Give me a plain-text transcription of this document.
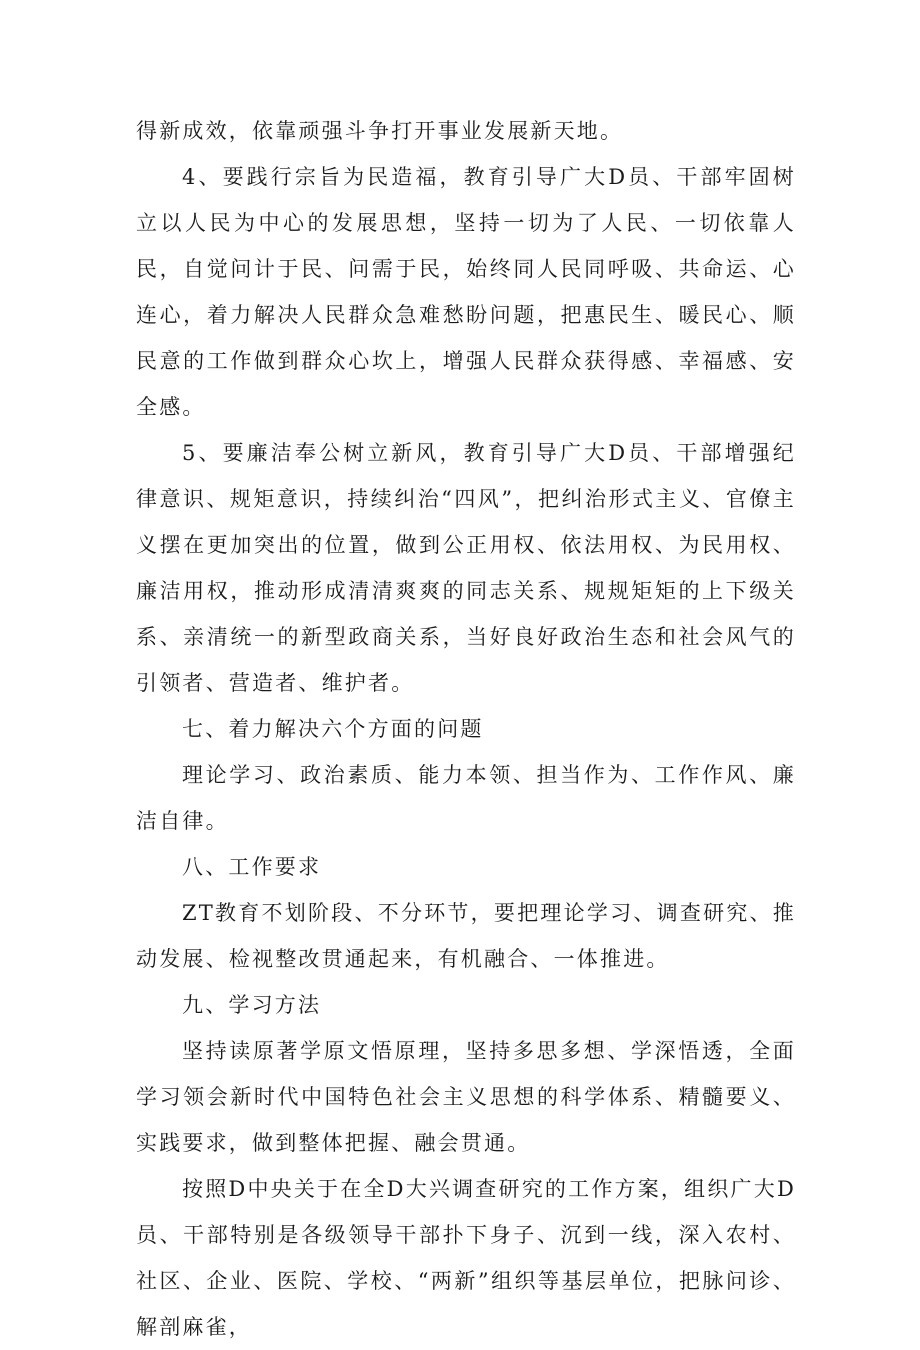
得新成效，依靠顽强斗争打开事业发展新天地。

4、要践行宗旨为民造福，教育引导广大D员、干部牢固树立以人民为中心的发展思想，坚持一切为了人民、一切依靠人民，自觉问计于民、问需于民，始终同人民同呼吸、共命运、心连心，着力解决人民群众急难愁盼问题，把惠民生、暖民心、顺民意的工作做到群众心坎上，增强人民群众获得感、幸福感、安全感。

5、要廉洁奉公树立新风，教育引导广大D员、干部增强纪律意识、规矩意识，持续纠治“四风”，把纠治形式主义、官僚主义摆在更加突出的位置，做到公正用权、依法用权、为民用权、廉洁用权，推动形成清清爽爽的同志关系、规规矩矩的上下级关系、亲清统一的新型政商关系，当好良好政治生态和社会风气的引领者、营造者、维护者。

七、着力解决六个方面的问题

理论学习、政治素质、能力本领、担当作为、工作作风、廉洁自律。

八、工作要求

ZT教育不划阶段、不分环节，要把理论学习、调查研究、推动发展、检视整改贯通起来，有机融合、一体推进。

九、学习方法

坚持读原著学原文悟原理，坚持多思多想、学深悟透，全面学习领会新时代中国特色社会主义思想的科学体系、精髓要义、实践要求，做到整体把握、融会贯通。

按照D中央关于在全D大兴调查研究的工作方案，组织广大D员、干部特别是各级领导干部扑下身子、沉到一线，深入农村、社区、企业、医院、学校、“两新”组织等基层单位，把脉问诊、解剖麻雀，
